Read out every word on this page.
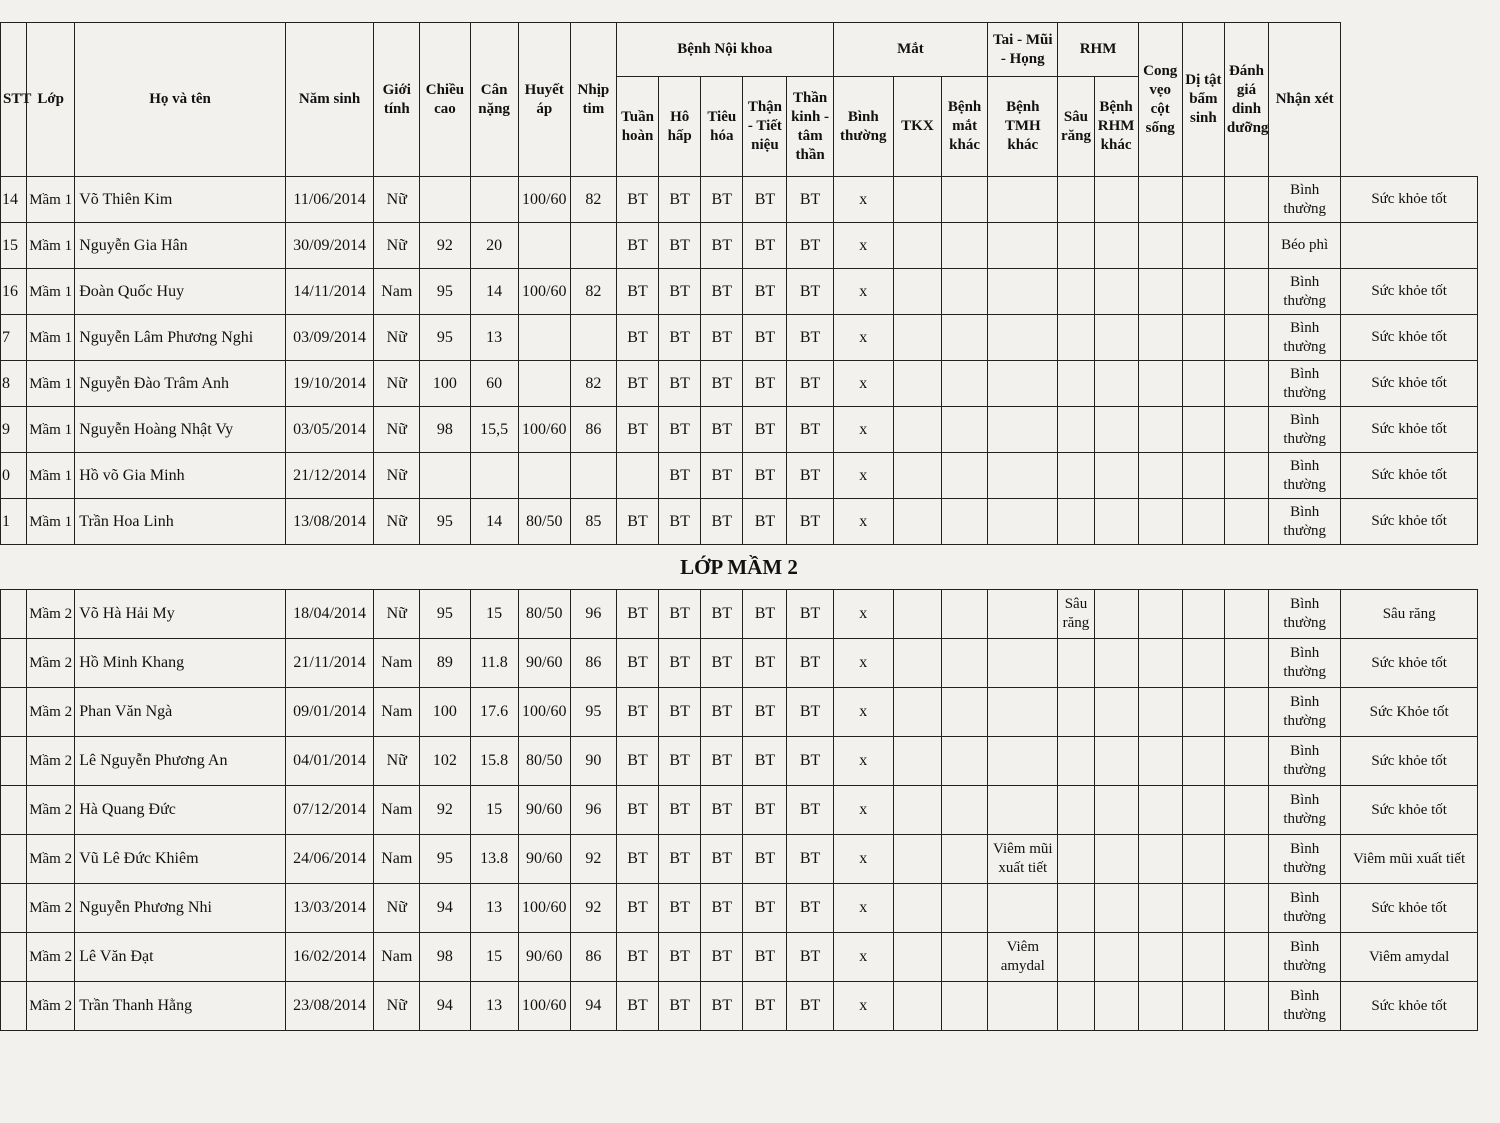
STT	Lớp	Họ và tên	Năm sinh	Giới tính	Chiều cao	Cân nặng	Huyết áp	Nhịp tim	Bệnh Nội khoa					Mắt			Tai - Mũi - Họng	RHM		Cong vẹo cột sống	Dị tật bẩm sinh	Đánh giá dinh dưỡng	Nhận xét	
									Tuần hoàn	Hô hấp	Tiêu hóa	Thận - Tiết niệu	Thần kinh - tâm thần	Bình thường	TKX	Bệnh mắt khác	Bệnh TMH khác	Sâu răng	Bệnh RHM khác					
14	Mầm 1	Võ Thiên Kim	11/06/2014	Nữ			100/60	82	BT	BT	BT	BT	BT	x									Bình thường	Sức khỏe tốt
15	Mầm 1	Nguyễn Gia Hân	30/09/2014	Nữ	92	20			BT	BT	BT	BT	BT	x									Béo phì	
16	Mầm 1	Đoàn Quốc Huy	14/11/2014	Nam	95	14	100/60	82	BT	BT	BT	BT	BT	x									Bình thường	Sức khỏe tốt
7	Mầm 1	Nguyễn Lâm Phương Nghi	03/09/2014	Nữ	95	13			BT	BT	BT	BT	BT	x									Bình thường	Sức khỏe tốt
8	Mầm 1	Nguyễn Đào Trâm Anh	19/10/2014	Nữ	100	60		82	BT	BT	BT	BT	BT	x									Bình thường	Sức khỏe tốt
9	Mầm 1	Nguyễn Hoàng Nhật Vy	03/05/2014	Nữ	98	15,5	100/60	86	BT	BT	BT	BT	BT	x									Bình thường	Sức khỏe tốt
0	Mầm 1	Hồ võ Gia Minh	21/12/2014	Nữ						BT	BT	BT	BT	x									Bình thường	Sức khỏe tốt
1	Mầm 1	Trần Hoa Linh	13/08/2014	Nữ	95	14	80/50	85	BT	BT	BT	BT	BT	x									Bình thường	Sức khỏe tốt
LỚP MẦM 2																								
	Mầm 2	Võ Hà Hải My	18/04/2014	Nữ	95	15	80/50	96	BT	BT	BT	BT	BT	x				Sâu răng					Bình thường	Sâu răng
	Mầm 2	Hồ Minh Khang	21/11/2014	Nam	89	11.8	90/60	86	BT	BT	BT	BT	BT	x									Bình thường	Sức khỏe tốt
	Mầm 2	Phan Văn Ngà	09/01/2014	Nam	100	17.6	100/60	95	BT	BT	BT	BT	BT	x									Bình thường	Sức Khỏe tốt
	Mầm 2	Lê Nguyễn Phương An	04/01/2014	Nữ	102	15.8	80/50	90	BT	BT	BT	BT	BT	x									Bình thường	Sức khỏe tốt
	Mầm 2	Hà Quang Đức	07/12/2014	Nam	92	15	90/60	96	BT	BT	BT	BT	BT	x									Bình thường	Sức khỏe tốt
	Mầm 2	Vũ Lê Đức Khiêm	24/06/2014	Nam	95	13.8	90/60	92	BT	BT	BT	BT	BT	x			Viêm mũi xuất tiết						Bình thường	Viêm mũi xuất tiết
	Mầm 2	Nguyễn Phương Nhi	13/03/2014	Nữ	94	13	100/60	92	BT	BT	BT	BT	BT	x									Bình thường	Sức khỏe tốt
	Mầm 2	Lê Văn Đạt	16/02/2014	Nam	98	15	90/60	86	BT	BT	BT	BT	BT	x			Viêm amydal						Bình thường	Viêm amydal
	Mầm 2	Trần Thanh Hằng	23/08/2014	Nữ	94	13	100/60	94	BT	BT	BT	BT	BT	x									Bình thường	Sức khỏe tốt
